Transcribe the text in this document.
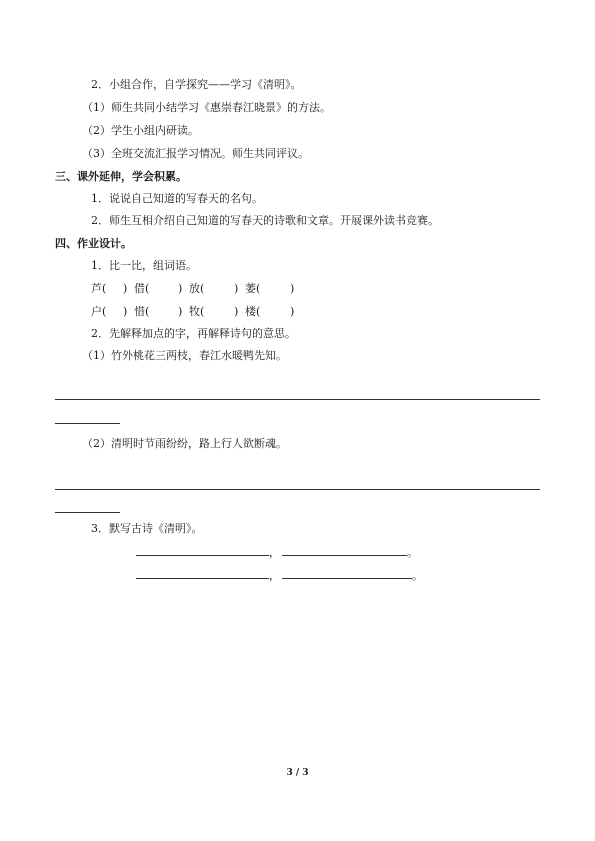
2．小组合作，自学探究——学习《清明》。
（1）师生共同小结学习《惠崇春江晓景》的方法。
（2）学生小组内研读。
（3）全班交流汇报学习情况。师生共同评议。
三、课外延伸，学会积累。
1．说说自己知道的写春天的名句。
2．师生互相介绍自己知道的写春天的诗歌和文章。开展课外读书竞赛。
四、作业设计。
1．比一比，组词语。
芦( ) 借(	) 放(	) 萎(	)
户( ) 惜(	) 牧(	) 楼(	)
2．先解释加点的字，再解释诗句的意思。
（1）竹外桃花三两枝，春江水暖鸭先知。
（2）清明时节雨纷纷，路上行人欲断魂。
3．默写古诗《清明》。
，	。
，	。
3 / 3
